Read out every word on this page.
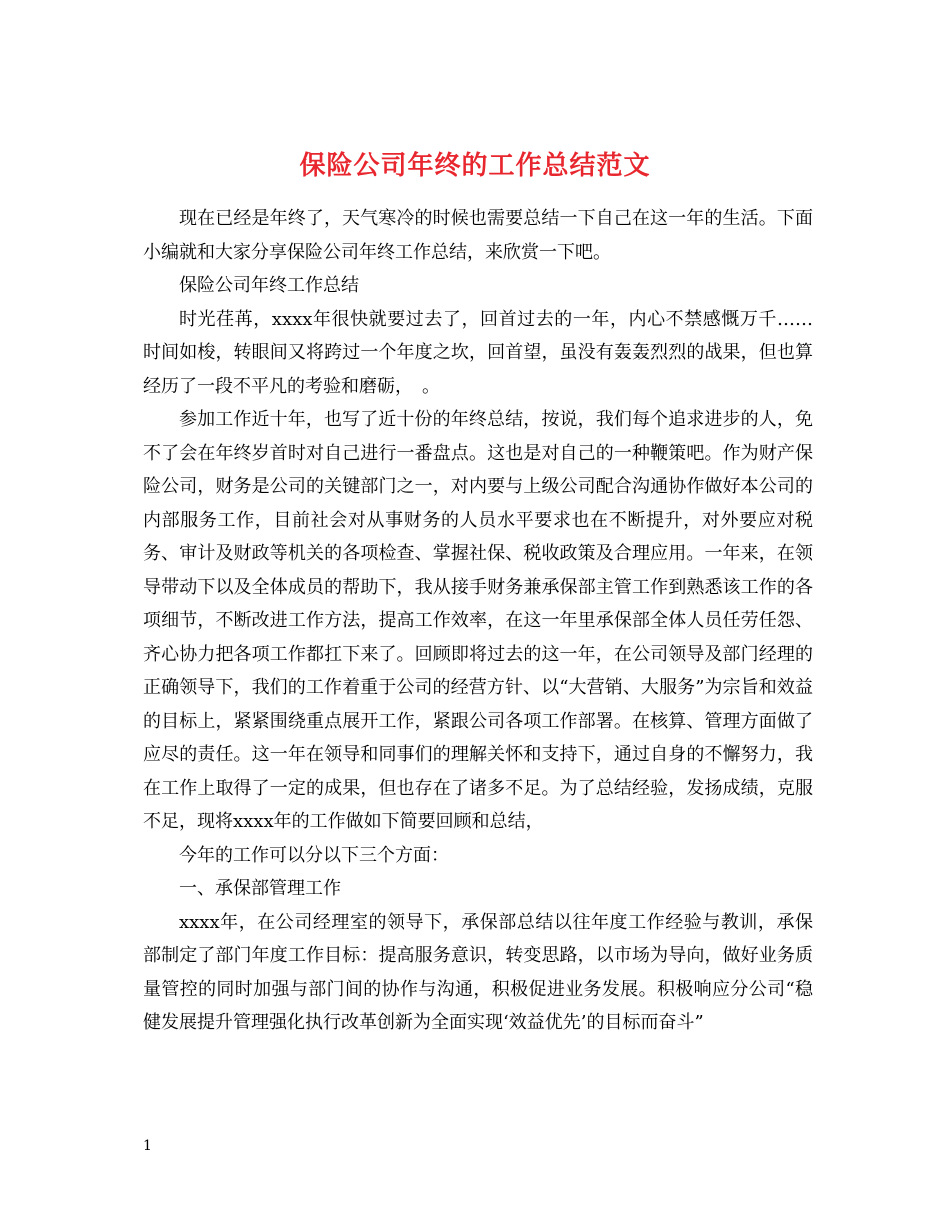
保险公司年终的工作总结范文

现在已经是年终了，天气寒冷的时候也需要总结一下自己在这一年的生活。下面小编就和大家分享保险公司年终工作总结，来欣赏一下吧。

保险公司年终工作总结

时光荏苒，xxxx年很快就要过去了，回首过去的一年，内心不禁感慨万千……时间如梭，转眼间又将跨过一个年度之坎，回首望，虽没有轰轰烈烈的战果，但也算经历了一段不平凡的考验和磨砺，　。

参加工作近十年，也写了近十份的年终总结，按说，我们每个追求进步的人，免不了会在年终岁首时对自己进行一番盘点。这也是对自己的一种鞭策吧。作为财产保险公司，财务是公司的关键部门之一，对内要与上级公司配合沟通协作做好本公司的内部服务工作，目前社会对从事财务的人员水平要求也在不断提升，对外要应对税务、审计及财政等机关的各项检查、掌握社保、税收政策及合理应用。一年来，在领导带动下以及全体成员的帮助下，我从接手财务兼承保部主管工作到熟悉该工作的各项细节，不断改进工作方法，提高工作效率，在这一年里承保部全体人员任劳任怨、齐心协力把各项工作都扛下来了。回顾即将过去的这一年，在公司领导及部门经理的正确领导下，我们的工作着重于公司的经营方针、以“大营销、大服务”为宗旨和效益的目标上，紧紧围绕重点展开工作，紧跟公司各项工作部署。在核算、管理方面做了应尽的责任。这一年在领导和同事们的理解关怀和支持下，通过自身的不懈努力，我在工作上取得了一定的成果，但也存在了诸多不足。为了总结经验，发扬成绩，克服不足，现将xxxx年的工作做如下简要回顾和总结，

今年的工作可以分以下三个方面：

一、承保部管理工作

xxxx年，在公司经理室的领导下，承保部总结以往年度工作经验与教训，承保部制定了部门年度工作目标：提高服务意识，转变思路，以市场为导向，做好业务质量管控的同时加强与部门间的协作与沟通，积极促进业务发展。积极响应分公司“稳健发展提升管理强化执行改革创新为全面实现‘效益优先’的目标而奋斗”

1
